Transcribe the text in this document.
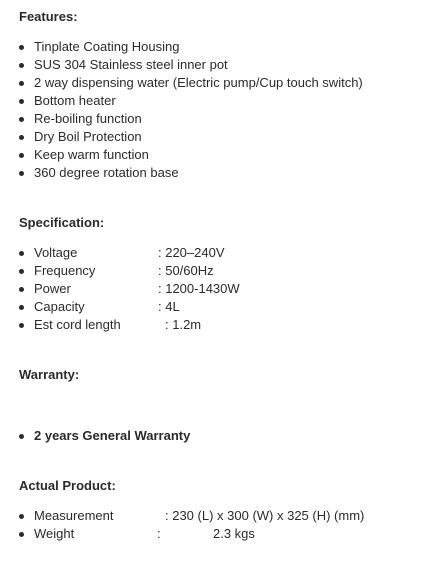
Features:
Tinplate Coating Housing
SUS 304 Stainless steel inner pot
2 way dispensing water (Electric pump/Cup touch switch)
Bottom heater
Re-boiling function
Dry Boil Protection
Keep warm function
360 degree rotation base
Specification:
Voltage	: 220–240V
Frequency	: 50/60Hz
Power	: 1200-1430W
Capacity	: 4L
Est cord length	: 1.2m
Warranty:
2 years General Warranty
Actual Product:
Measurement	: 230 (L) x 300 (W) x 325 (H) (mm)
Weight	:	2.3 kgs
